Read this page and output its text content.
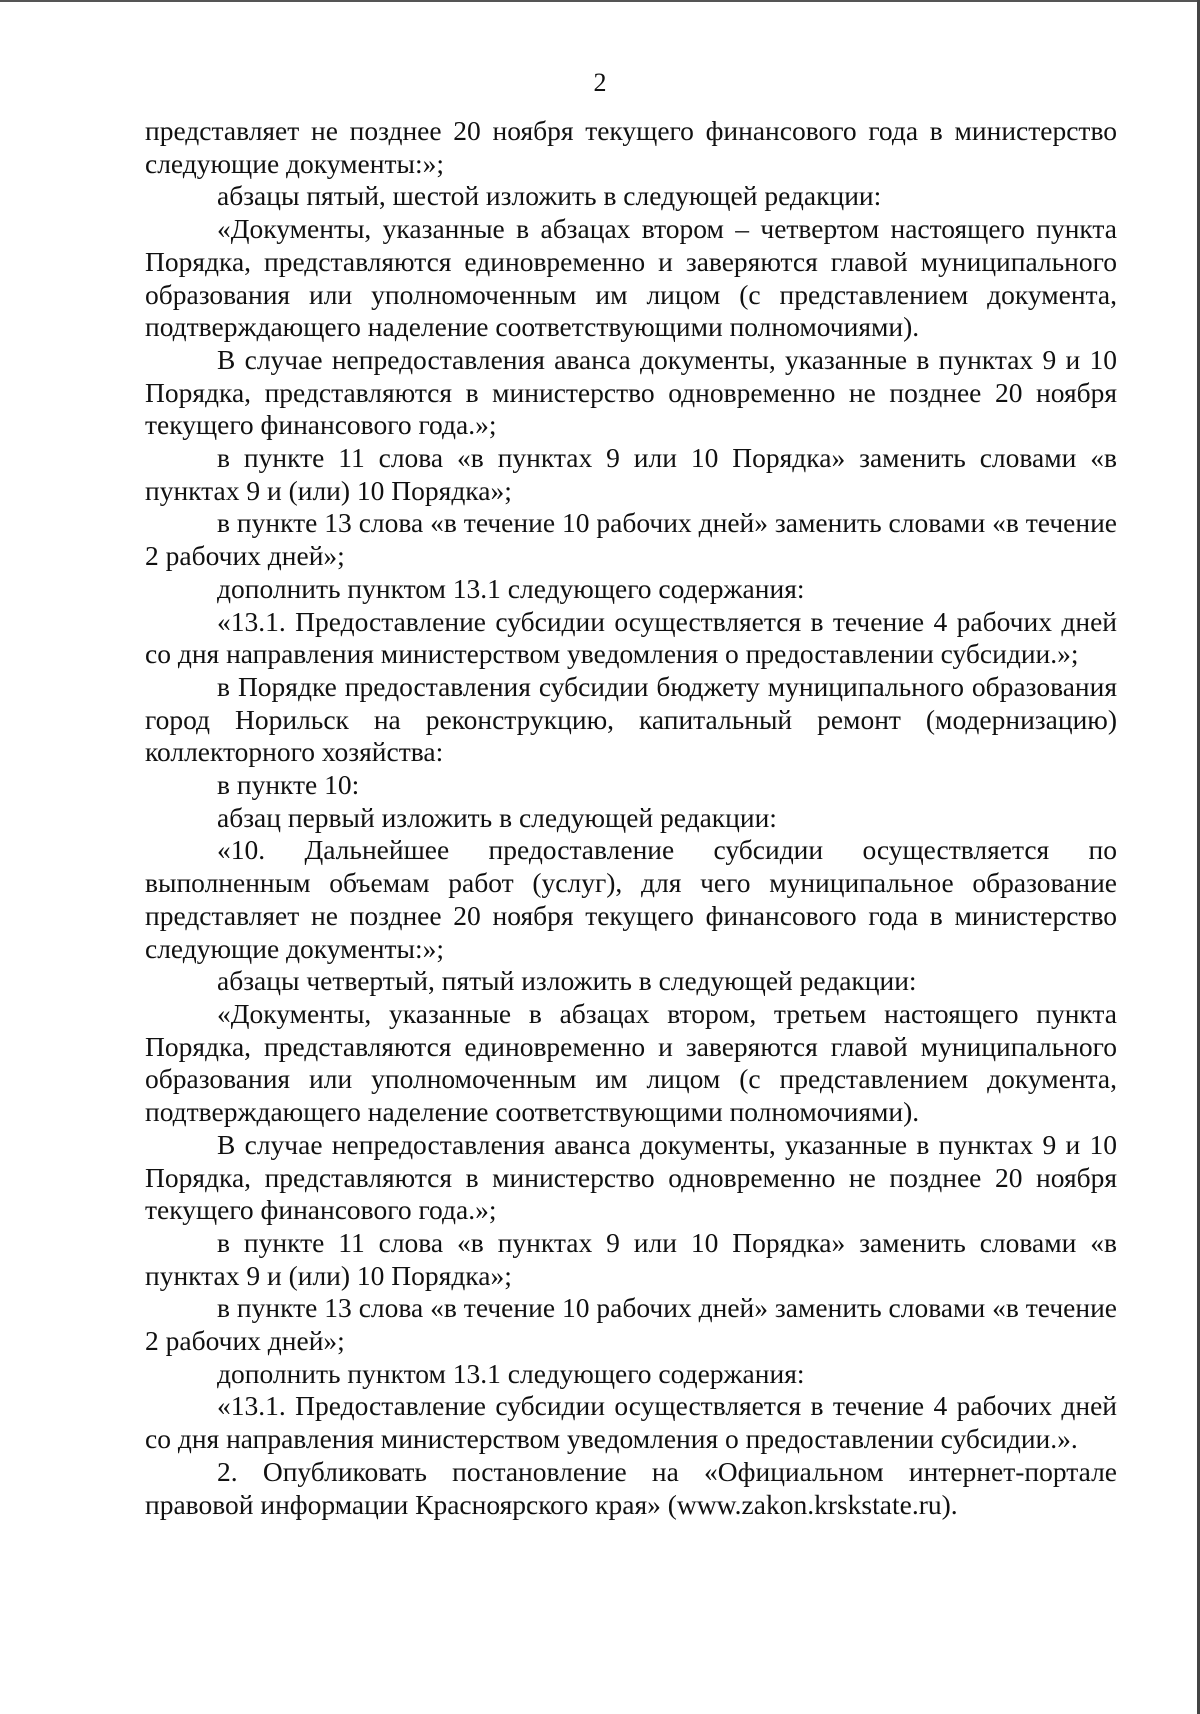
2

представляет не позднее 20 ноября текущего финансового года в министерство следующие документы:»;

абзацы пятый, шестой изложить в следующей редакции:

«Документы, указанные в абзацах втором – четвертом настоящего пункта Порядка, представляются единовременно и заверяются главой муниципального образования или уполномоченным им лицом (с представлением документа, подтверждающего наделение соответствующими полномочиями).

В случае непредоставления аванса документы, указанные в пунктах 9 и 10 Порядка, представляются в министерство одновременно не позднее 20 ноября текущего финансового года.»;

в пункте 11 слова «в пунктах 9 или 10 Порядка» заменить словами «в пунктах 9 и (или) 10 Порядка»;

в пункте 13 слова «в течение 10 рабочих дней» заменить словами «в течение 2 рабочих дней»;

дополнить пунктом 13.1 следующего содержания:

«13.1. Предоставление субсидии осуществляется в течение 4 рабочих дней со дня направления министерством уведомления о предоставлении субсидии.»;

в Порядке предоставления субсидии бюджету муниципального образования город Норильск на реконструкцию, капитальный ремонт (модернизацию) коллекторного хозяйства:

в пункте 10:

абзац первый изложить в следующей редакции:

«10. Дальнейшее предоставление субсидии осуществляется по выполненным объемам работ (услуг), для чего муниципальное образование представляет не позднее 20 ноября текущего финансового года в министерство следующие документы:»;

абзацы четвертый, пятый изложить в следующей редакции:

«Документы, указанные в абзацах втором, третьем настоящего пункта Порядка, представляются единовременно и заверяются главой муниципального образования или уполномоченным им лицом (с представлением документа, подтверждающего наделение соответствующими полномочиями).

В случае непредоставления аванса документы, указанные в пунктах 9 и 10 Порядка, представляются в министерство одновременно не позднее 20 ноября текущего финансового года.»;

в пункте 11 слова «в пунктах 9 или 10 Порядка» заменить словами «в пунктах 9 и (или) 10 Порядка»;

в пункте 13 слова «в течение 10 рабочих дней» заменить словами «в течение 2 рабочих дней»;

дополнить пунктом 13.1 следующего содержания:

«13.1. Предоставление субсидии осуществляется в течение 4 рабочих дней со дня направления министерством уведомления о предоставлении субсидии.».

2. Опубликовать постановление на «Официальном интернет-портале правовой информации Красноярского края» (www.zakon.krskstate.ru).
